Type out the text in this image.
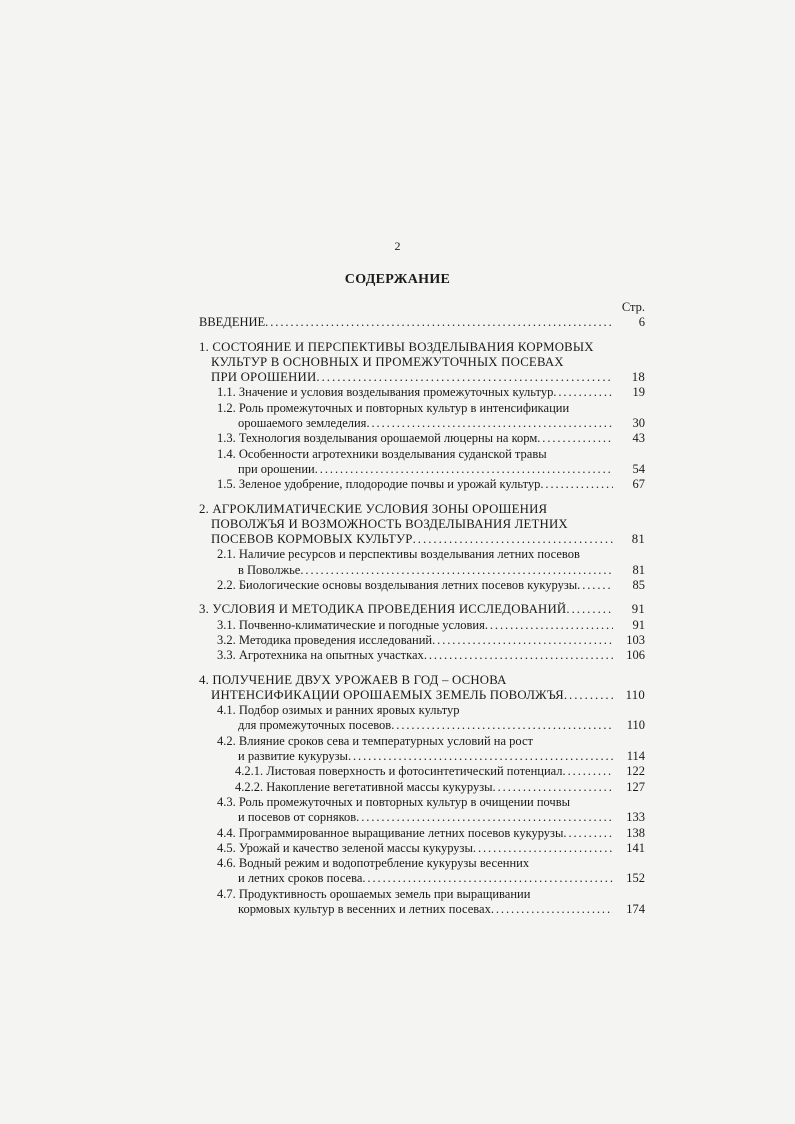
2
СОДЕРЖАНИЕ
Стр.
ВВЕДЕНИЕ . . .	6
1. СОСТОЯНИЕ И ПЕРСПЕКТИВЫ ВОЗДЕЛЫВАНИЯ КОРМОВЫХ
КУЛЬТУР В ОСНОВНЫХ И ПРОМЕЖУТОЧНЫХ ПОСЕВАХ
ПРИ ОРОШЕНИИ . . .	18
1.1. Значение и условия возделывания промежуточных культур . . .	19
1.2. Роль промежуточных и повторных культур в интенсификации
орошаемого земледелия . . .	30
1.3. Технология возделывания орошаемой люцерны на корм . . .	43
1.4. Особенности агротехники возделывания суданской травы
при орошении . . .	54
1.5. Зеленое удобрение, плодородие почвы и урожай культур . . .	67
2. АГРОКЛИМАТИЧЕСКИЕ УСЛОВИЯ ЗОНЫ ОРОШЕНИЯ
ПОВОЛЖЪЯ И ВОЗМОЖНОСТЬ ВОЗДЕЛЫВАНИЯ ЛЕТНИХ
ПОСЕВОВ КОРМОВЫХ КУЛЬТУР . . .	81
2.1. Наличие ресурсов и перспективы возделывания летних посевов
в Поволжье . . .	81
2.2. Биологические основы возделывания летних посевов кукурузы . . .	85
3. УСЛОВИЯ И МЕТОДИКА ПРОВЕДЕНИЯ ИССЛЕДОВАНИЙ . . .	91
3.1. Почвенно-климатические и погодные условия . . .	91
3.2. Методика проведения исследований . . .	103
3.3. Агротехника на опытных участках . . .	106
4. ПОЛУЧЕНИЕ ДВУХ УРОЖАЕВ В ГОД – ОСНОВА
ИНТЕНСИФИКАЦИИ ОРОШАЕМЫХ ЗЕМЕЛЬ ПОВОЛЖЪЯ . . .	110
4.1. Подбор озимых и ранних яровых культур
для промежуточных посевов . . .	110
4.2. Влияние сроков сева и температурных условий на рост
и развитие кукурузы . . .	114
4.2.1. Листовая поверхность и фотосинтетический потенциал . . .	122
4.2.2. Накопление вегетативной массы кукурузы . . .	127
4.3. Роль промежуточных и повторных культур в очищении почвы
и посевов от сорняков . . .	133
4.4. Программированное выращивание летних посевов кукурузы . . .	138
4.5. Урожай и качество зеленой массы кукурузы . . .	141
4.6. Водный режим и водопотребление кукурузы весенних
и летних сроков посева . . .	152
4.7. Продуктивность орошаемых земель при выращивании
кормовых культур в весенних и летних посевах . . .	174
